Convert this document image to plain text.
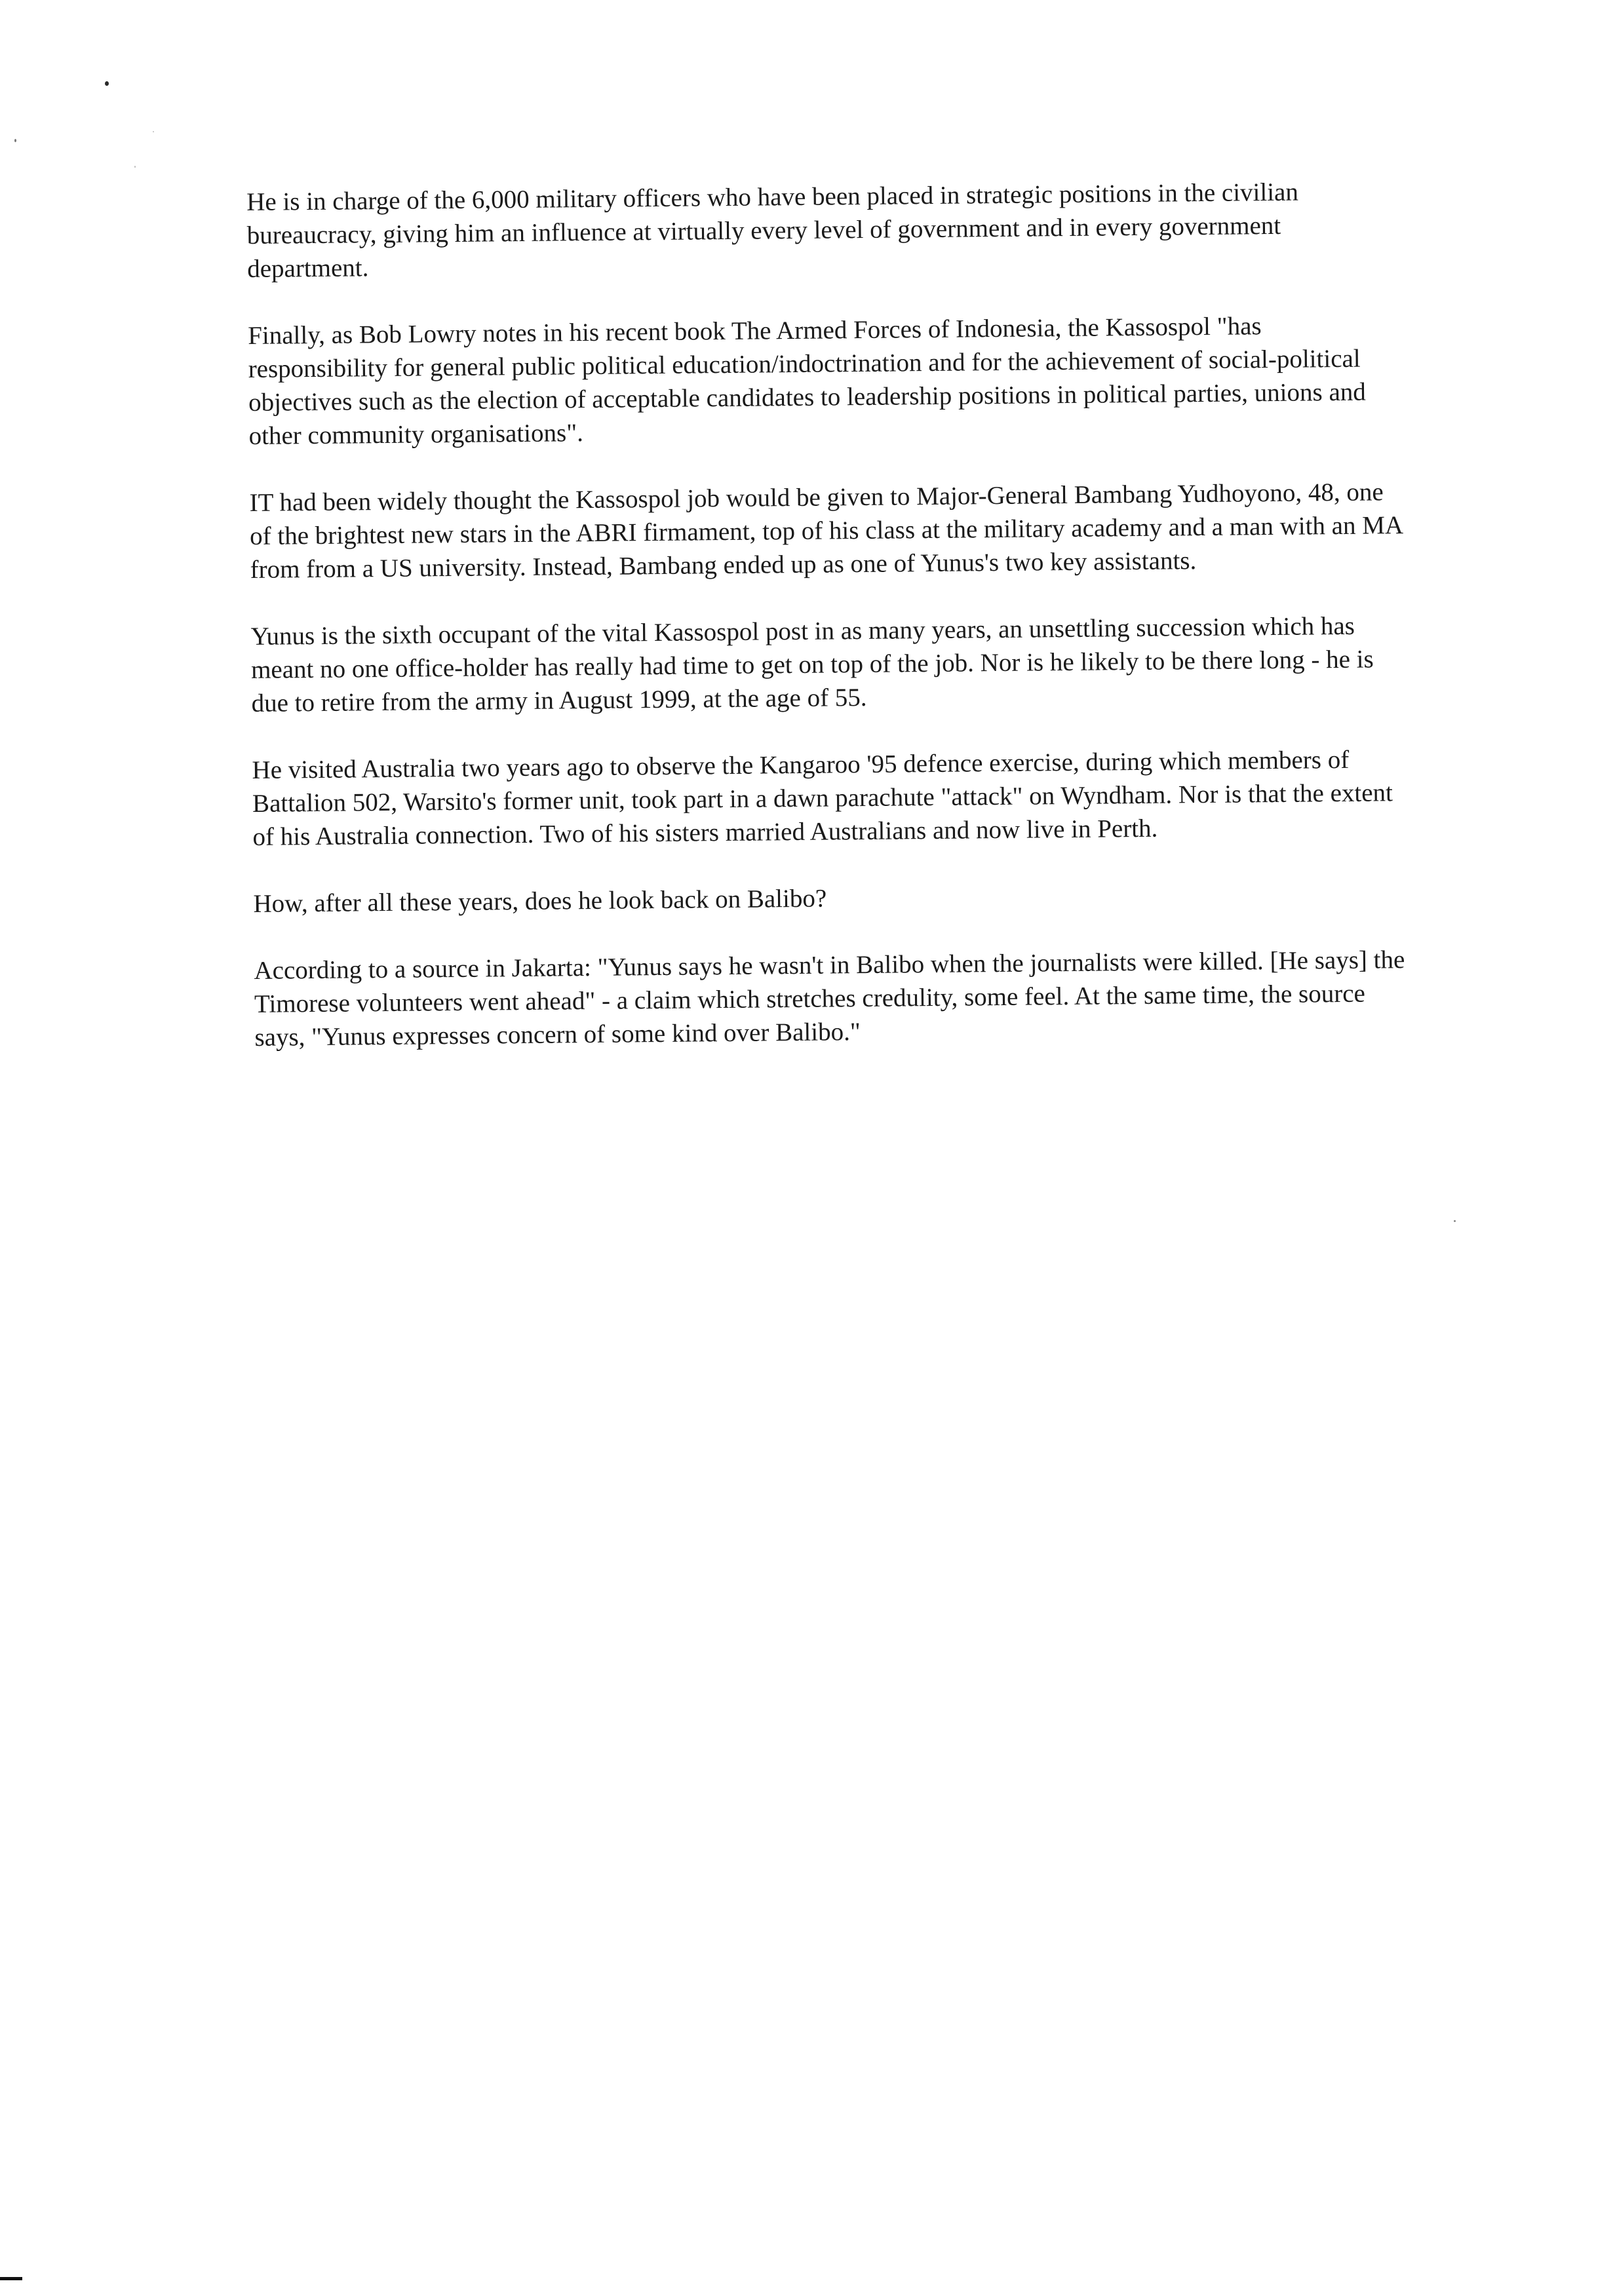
He is in charge of the 6,000 military officers who have been placed in strategic positions in the civilian bureaucracy, giving him an influence at virtually every level of government and in every government department.

Finally, as Bob Lowry notes in his recent book The Armed Forces of Indonesia, the Kassospol "has responsibility for general public political education/indoctrination and for the achievement of social-political objectives such as the election of acceptable candidates to leadership positions in political parties, unions and other community organisations".

IT had been widely thought the Kassospol job would be given to Major-General Bambang Yudhoyono, 48, one of the brightest new stars in the ABRI firmament, top of his class at the military academy and a man with an MA from from a US university. Instead, Bambang ended up as one of Yunus's two key assistants.

Yunus is the sixth occupant of the vital Kassospol post in as many years, an unsettling succession which has meant no one office-holder has really had time to get on top of the job. Nor is he likely to be there long - he is due to retire from the army in August 1999, at the age of 55.

He visited Australia two years ago to observe the Kangaroo '95 defence exercise, during which members of Battalion 502, Warsito's former unit, took part in a dawn parachute "attack" on Wyndham. Nor is that the extent of his Australia connection. Two of his sisters married Australians and now live in Perth.

How, after all these years, does he look back on Balibo?

According to a source in Jakarta: "Yunus says he wasn't in Balibo when the journalists were killed. [He says] the Timorese volunteers went ahead" - a claim which stretches credulity, some feel. At the same time, the source says, "Yunus expresses concern of some kind over Balibo."
